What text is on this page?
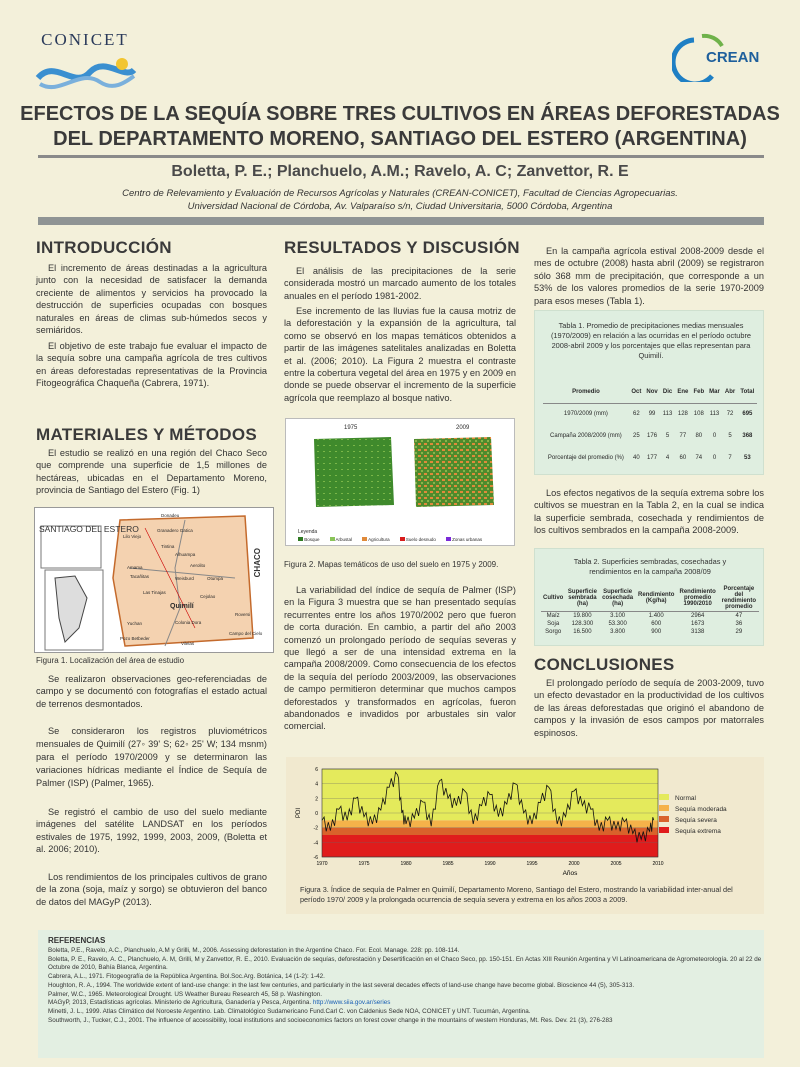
CONICET
CREAN
EFECTOS DE LA SEQUÍA SOBRE TRES CULTIVOS EN ÁREAS DEFORESTADAS DEL DEPARTAMENTO MORENO, SANTIAGO DEL ESTERO (ARGENTINA)
Boletta, P. E.; Planchuelo, A.M.; Ravelo, A. C; Zanvettor, R. E
Centro de Relevamiento y Evaluación de Recursos Agrícolas y Naturales (CREAN-CONICET), Facultad de Ciencias Agropecuarias.
Universidad Nacional de Córdoba, Av. Valparaíso s/n, Ciudad Universitaria, 5000 Córdoba, Argentina
INTRODUCCIÓN

El incremento de áreas destinadas a la agricultura junto con la necesidad de satisfacer la demanda creciente de alimentos y servicios ha provocado la destrucción de superficies ocupadas con bosques naturales en áreas de climas sub-húmedos secos y semiáridos.

El objetivo de este trabajo fue evaluar el impacto de la sequía sobre una campaña agrícola de tres cultivos en áreas deforestadas representativas de la Provincia Fitogeográfica Chaqueña (Cabrera, 1971).

MATERIALES Y MÉTODOS

El estudio se realizó en una región del Chaco Seco que comprende una superficie de 1,5 millones de hectáreas, ubicadas en el Departamento Moreno, provincia de Santiago del Estero (Fig. 1)

SANTIAGO DEL ESTERO
CHACO
Quimilí
Donadeu
Granadero Gatica
Lilo Viejo
Tintina
Alhuampa
Amama	Aerolito
Weisburd	Otumpa
Las Tinajas
Cejolao
Roversi
Tacañitas
Yuchan
Pozo Betbeder
Colonia Dora
Campo del Cielo
Vilelas
Figura 1. Localización del área de estudio

Se realizaron observaciones geo-referenciadas de campo y se documentó con fotografías el estado actual de terrenos desmontados.

Se consideraron los registros pluviométricos mensuales de Quimilí (27◦ 39' S; 62◦ 25' W; 134 msnm) para el período 1970/2009 y se determinaron las variaciones hídricas mediante el Índice de Sequía de Palmer (ISP) (Palmer, 1965).

Se registró el cambio de uso del suelo mediante imágenes del satélite LANDSAT en los períodos estivales de 1975, 1992, 1999, 2003, 2009, (Boletta et al. 2006; 2010).

Los rendimientos de los principales cultivos de grano de la zona (soja, maíz y sorgo) se obtuvieron del banco de datos del MAGyP (2013).

RESULTADOS Y DISCUSIÓN

El análisis de las precipitaciones de la serie considerada mostró un marcado aumento de los totales anuales en el período 1981-2002.

Ese incremento de las lluvias fue la causa motriz de la deforestación y la expansión de la agricultura, tal como se observó en los mapas temáticos obtenidos a partir de las imágenes satelitales analizadas en Boletta et al. (2006; 2010). La Figura 2 muestra el contraste entre la cobertura vegetal del área en 1975 y en 2009 en donde se puede observar el incremento de la superficie agrícola que reemplazo al bosque nativo.

1975	2009
Leyenda
Bosque	Arbustal	Agricultura	Suelo desnudo	Zonas urbanas
Figura 2. Mapas temáticos de uso del suelo en 1975 y 2009.

La variabilidad del índice de sequía de Palmer (ISP) en la Figura 3 muestra que se han presentado sequías recurrentes entre los años 1970/2002 pero que fueron de corta duración. En cambio, a partir del año 2003 comenzó un prolongado período de sequías severas y que llegó a ser de una intensidad extrema en la campaña 2008/2009. Como consecuencia de los efectos de la sequía del período 2003/2009, las observaciones de campo permitieron determinar que muchos campos deforestados y transformados en agrícolas, fueron abandonados e invadidos por arbustales sin valor comercial.

En la campaña agrícola estival 2008-2009 desde el mes de octubre (2008) hasta abril (2009) se registraron sólo 368 mm de precipitación, que corresponde a un 53% de los valores promedios de la serie 1970-2009 para esos meses (Tabla 1).

Tabla 1. Promedio de precipitaciones medias mensuales (1970/2009) en relación a las ocurridas en el período octubre 2008-abril 2009 y los porcentajes que ellas representan para Quimilí.
Promedio	Oct	Nov	Dic	Ene	Feb	Mar	Abr	Total
1970/2009 (mm)	62	99	113	128	108	113	72	695
Campaña 2008/2009 (mm)	25	176	5	77	80	0	5	368
Porcentaje del promedio (%)	40	177	4	60	74	0	7	53

Los efectos negativos de la sequía extrema sobre los cultivos se muestran en la Tabla 2, en la cual se indica la superficie sembrada, cosechada y rendimientos de los cultivos sembrados en la campaña 2008-2009.

Tabla 2. Superficies sembradas, cosechadas y rendimientos en la campaña 2008/09
Cultivo	Superficie sembrada (ha)	Superficie cosechada (ha)	Rendimiento (Kg/ha)	Rendimiento promedio 1990/2010	Porcentaje del rendimiento promedio
Maíz	19.800	3.100	1.400	2964	47
Soja	128.300	53.300	600	1673	36
Sorgo	16.500	3.800	900	3138	29
CONCLUSIONES

El prolongado período de sequía de 2003-2009, tuvo un efecto devastador en la productividad de los cultivos de las áreas deforestadas que originó el abandono de campos y la invasión de esos campos por matorrales espinosos.

6
4
2
0
-2
-4
-6
1970	1975	1980	1985	1990	1995	2000	2005	2010
PDI
Años
Normal
Sequía moderada
Sequía severa
Sequía extrema
Figura 3. Índice de sequía de Palmer en Quimilí, Departamento Moreno, Santiago del Estero, mostrando la variabilidad inter-anual del período 1970/ 2009 y la prolongada ocurrencia de sequía severa y extrema en los años 2003 a 2009.
REFERENCIAS
Boletta, P.E., Ravelo, A.C., Planchuelo, A.M y Grilli, M., 2006. Assessing deforestation in the Argentine Chaco. For. Ecol. Manage. 228: pp. 108-114.
Boletta, P. E., Ravelo, A. C., Planchuelo, A. M, Grilli, M y Zanvettor, R. E., 2010. Evaluación de sequías, deforestación y Desertificación en el Chaco Seco, pp. 150-151. En Actas XIII Reunión Argentina y VI Latinoamericana de Agrometeorología. 20 al 22 de Octubre de 2010, Bahía Blanca, Argentina.
Cabrera, A.L., 1971. Fitogeografía de la República Argentina. Bol.Soc.Arg. Botánica, 14 (1-2): 1-42.
Houghton, R. A., 1994. The worldwide extent of land-use change: in the last few centuries, and particularly in the last several decades effects of land-use change have become global. Bioscience 44 (5), 305-313.
Palmer, W.C., 1965. Meteorological Drought. US Weather Bureau Research 45, 58 p. Washington.
MAGyP, 2013, Estadísticas agrícolas. Ministerio de Agricultura, Ganadería y Pesca, Argentina. http://www.siia.gov.ar/series
Minetti, J. L., 1999. Atlas Climático del Noroeste Argentino. Lab. Climatológico Sudamericano Fund.Carl C. von Caldenius Sede NOA, CONICET y UNT. Tucumán, Argentina.
Southworth, J., Tucker, C.J., 2001. The influence of accessibility, local institutions and socioeconomics factors on forest cover change in the mountains of western Honduras, Mt. Res. Dev. 21 (3), 276-283
